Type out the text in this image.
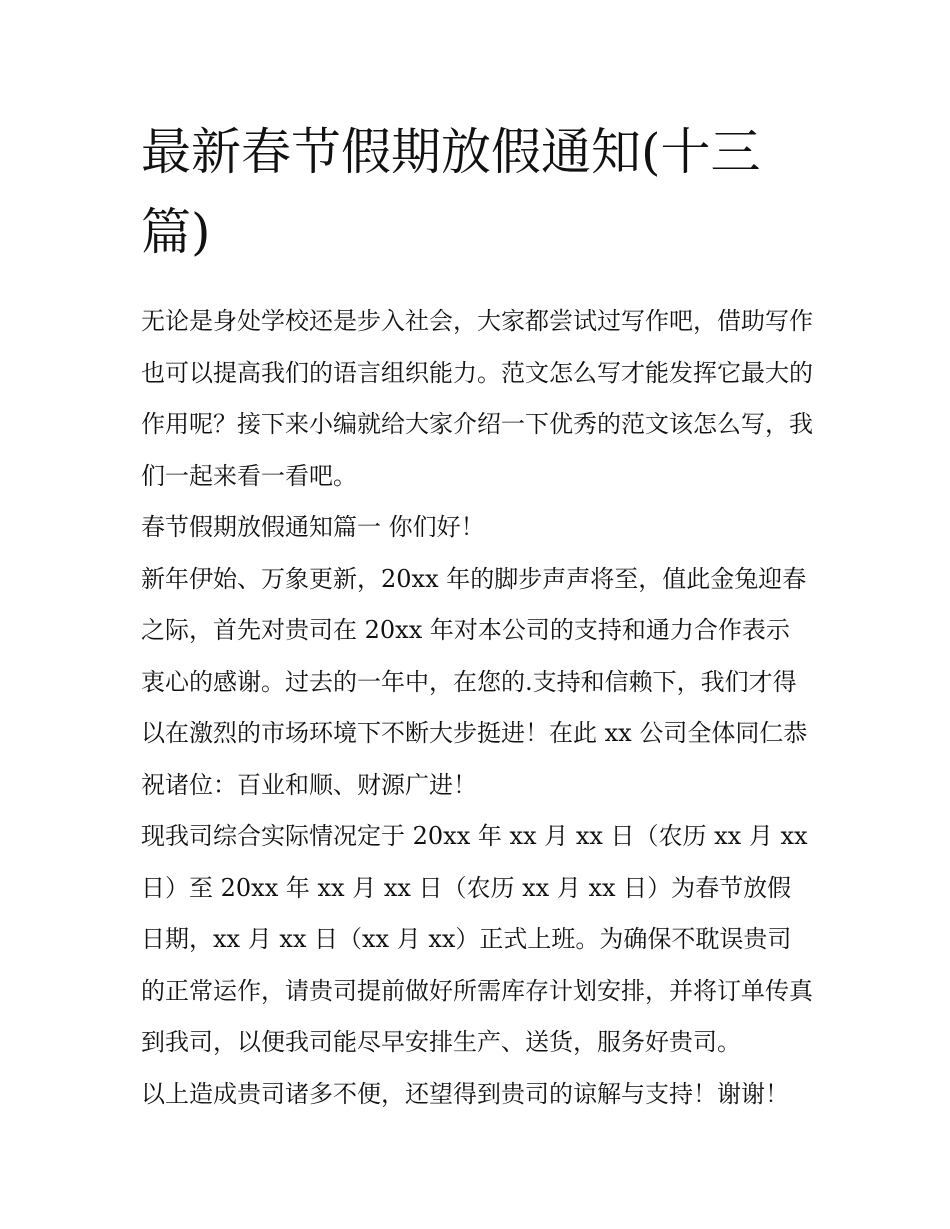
最新春节假期放假通知(十三篇)

无论是身处学校还是步入社会，大家都尝试过写作吧，借助写作也可以提高我们的语言组织能力。范文怎么写才能发挥它最大的作用呢？接下来小编就给大家介绍一下优秀的范文该怎么写，我们一起来看一看吧。

春节假期放假通知篇一 你们好！

新年伊始、万象更新，20xx 年的脚步声声将至，值此金兔迎春之际，首先对贵司在 20xx 年对本公司的支持和通力合作表示衷心的感谢。过去的一年中，在您的.支持和信赖下，我们才得以在激烈的市场环境下不断大步挺进！在此 xx 公司全体同仁恭祝诸位：百业和顺、财源广进！

现我司综合实际情况定于 20xx 年 xx 月 xx 日（农历 xx 月 xx 日）至 20xx 年 xx 月 xx 日（农历 xx 月 xx 日）为春节放假日期，xx 月 xx 日（xx 月 xx）正式上班。为确保不耽误贵司的正常运作，请贵司提前做好所需库存计划安排，并将订单传真到我司，以便我司能尽早安排生产、送货，服务好贵司。

以上造成贵司诸多不便，还望得到贵司的谅解与支持！谢谢！
